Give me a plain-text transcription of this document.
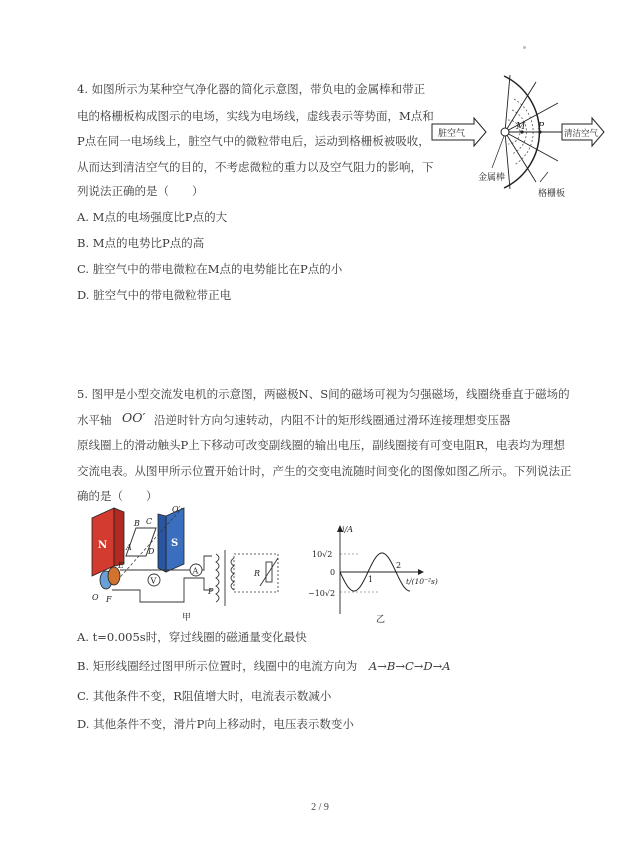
4. 如图所示为某种空气净化器的简化示意图，带负电的金属棒和带正
电的格栅板构成图示的电场，实线为电场线，虚线表示等势面，M点和
P点在同一电场线上，脏空气中的微粒带电后，运动到格栅板被吸收，
从而达到清洁空气的目的，不考虑微粒的重力以及空气阻力的影响，下
列说法正确的是（　　）
A. M点的电场强度比P点的大
B. M点的电势比P点的高
C. 脏空气中的带电微粒在M点的电势能比在P点的小
D. 脏空气中的带电微粒带正电
M P
脏空气	清洁空气
金属棒
格栅板
5. 图甲是小型交流发电机的示意图，两磁极N、S间的磁场可视为匀强磁场，线圈绕垂直于磁场的
水平轴 OO′ 沿逆时针方向匀速转动，内阻不计的矩形线圈通过滑环连接理想变压器
原线圈上的滑动触头P上下移动可改变副线圈的输出电压，副线圈接有可变电阻R，电表均为理想
交流电表。从图甲所示位置开始计时，产生的交变电流随时间变化的图像如图乙所示。下列说法正
确的是（　　）
A. t=0.005s时，穿过线圈的磁通量变化最快
B. 矩形线圈经过图甲所示位置时，线圈中的电流方向为 A→B→C→D→A
C. 其他条件不变，R阻值增大时，电流表示数减小
D. 其他条件不变，滑片P向上移动时，电压表示数变小
N	S
A
B C
D
E
F
O
O′
A
V
P
R
甲
i/A
10√2
0
−10√2
1
2
t/(10⁻²s)
乙
2 / 9
